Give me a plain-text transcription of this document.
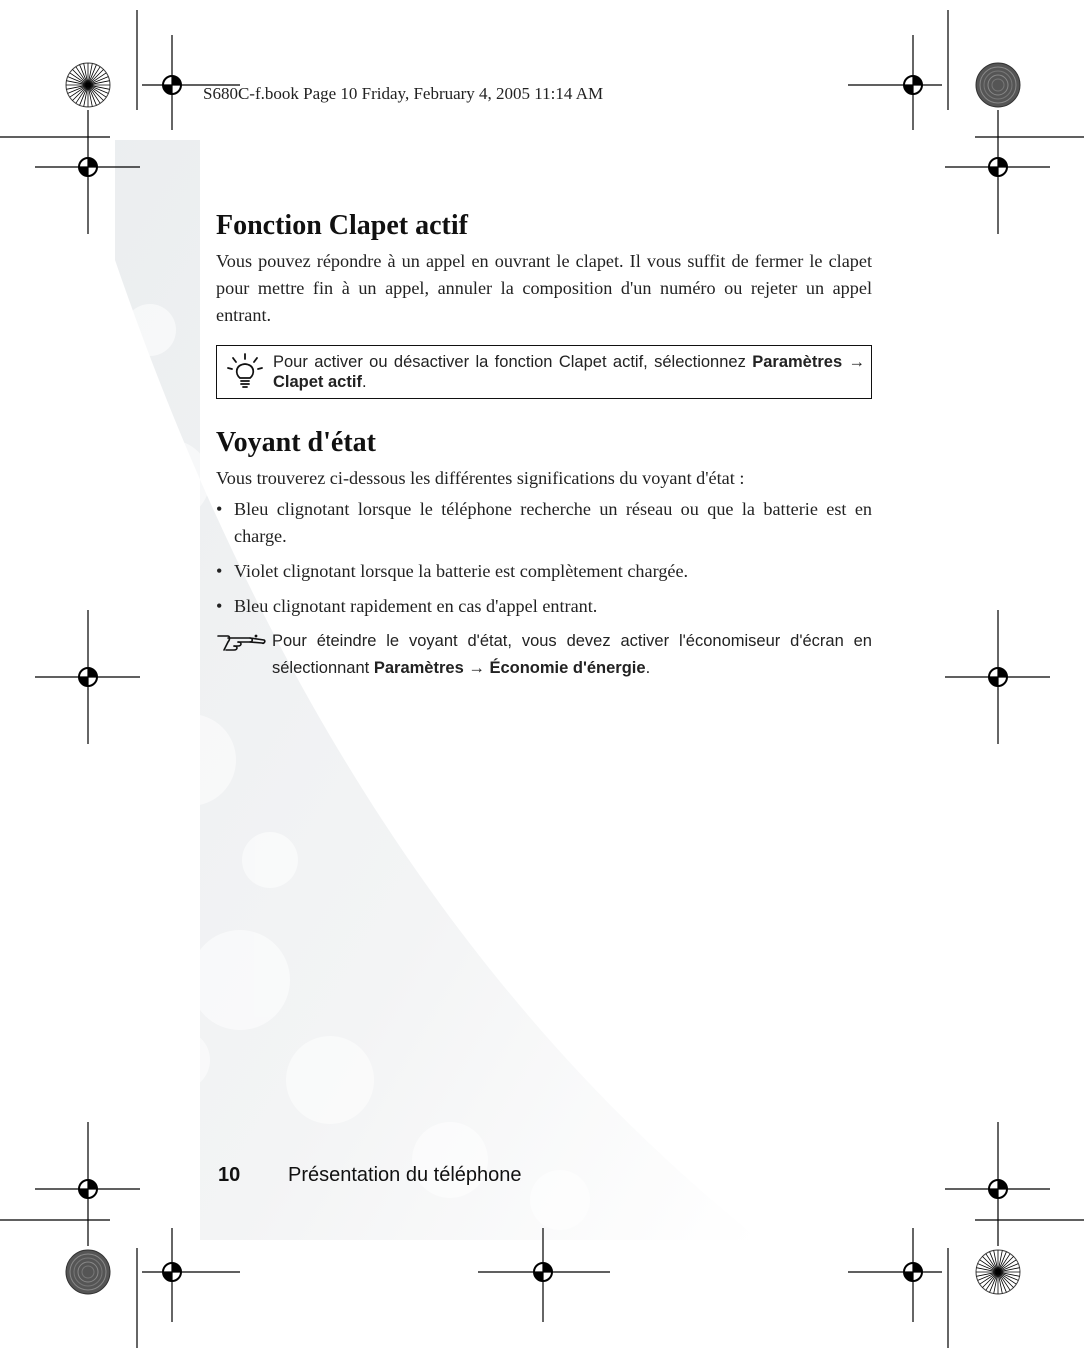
S680C-f.book Page 10 Friday, February 4, 2005 11:14 AM
Fonction Clapet actif

Vous pouvez répondre à un appel en ouvrant le clapet. Il vous suffit de fermer le clapet pour mettre fin à un appel, annuler la composition d'un numéro ou rejeter un appel entrant.

Pour activer ou désactiver la fonction Clapet actif, sélectionnez Paramètres → Clapet actif.
Voyant d'état

Vous trouverez ci-dessous les différentes significations du voyant d'état :

• Bleu clignotant lorsque le téléphone recherche un réseau ou que la batterie est en charge.
• Violet clignotant lorsque la batterie est complètement chargée.
• Bleu clignotant rapidement en cas d'appel entrant.
Pour éteindre le voyant d'état, vous devez activer l'économiseur d'écran en sélectionnant Paramètres → Économie d'énergie.
10 Présentation du téléphone
